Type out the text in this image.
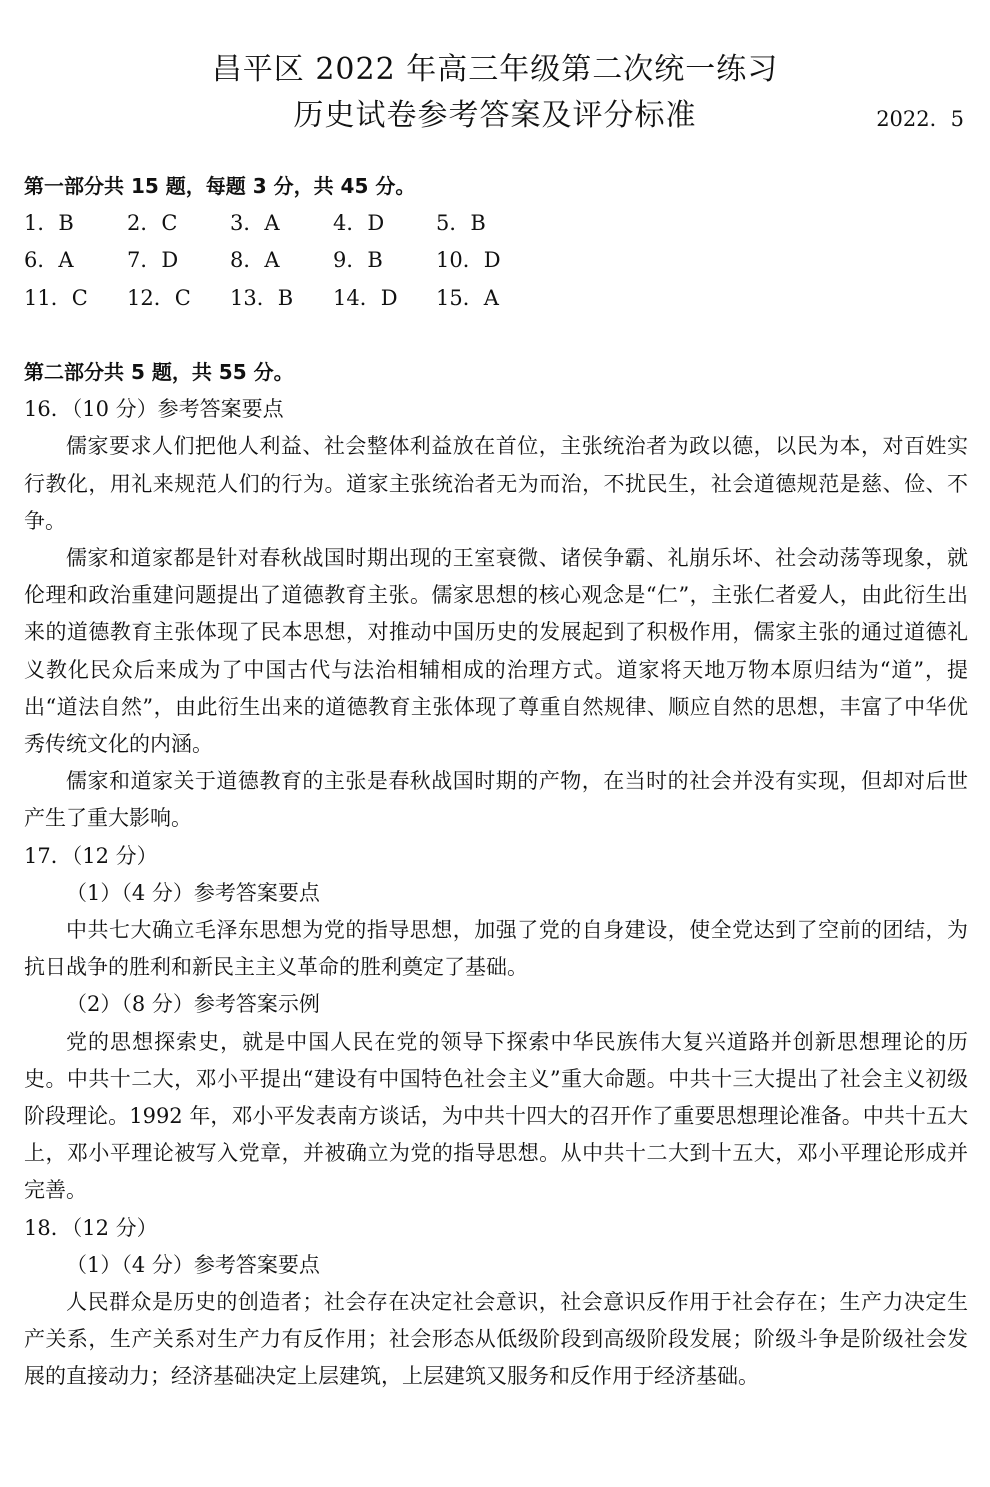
昌平区 2022 年高三年级第二次统一练习
历史试卷参考答案及评分标准	2022．5
第一部分共 15 题，每题 3 分，共 45 分。
1．B	2．C	3．A	4．D	5．B
6．A	7．D	8．A	9．B	10．D
11．C	12．C	13．B	14．D	15．A
第二部分共 5 题，共 55 分。

16．（10 分）参考答案要点

儒家要求人们把他人利益、社会整体利益放在首位，主张统治者为政以德，以民为本，对百姓实行教化，用礼来规范人们的行为。道家主张统治者无为而治，不扰民生，社会道德规范是慈、俭、不争。

儒家和道家都是针对春秋战国时期出现的王室衰微、诸侯争霸、礼崩乐坏、社会动荡等现象，就伦理和政治重建问题提出了道德教育主张。儒家思想的核心观念是“仁”，主张仁者爱人，由此衍生出来的道德教育主张体现了民本思想，对推动中国历史的发展起到了积极作用，儒家主张的通过道德礼义教化民众后来成为了中国古代与法治相辅相成的治理方式。道家将天地万物本原归结为“道”，提出“道法自然”，由此衍生出来的道德教育主张体现了尊重自然规律、顺应自然的思想，丰富了中华优秀传统文化的内涵。

儒家和道家关于道德教育的主张是春秋战国时期的产物，在当时的社会并没有实现，但却对后世产生了重大影响。

17．（12 分）

（1）（4 分）参考答案要点

中共七大确立毛泽东思想为党的指导思想，加强了党的自身建设，使全党达到了空前的团结，为抗日战争的胜利和新民主主义革命的胜利奠定了基础。

（2）（8 分）参考答案示例

党的思想探索史，就是中国人民在党的领导下探索中华民族伟大复兴道路并创新思想理论的历史。中共十二大，邓小平提出“建设有中国特色社会主义”重大命题。中共十三大提出了社会主义初级阶段理论。1992 年，邓小平发表南方谈话，为中共十四大的召开作了重要思想理论准备。中共十五大上，邓小平理论被写入党章，并被确立为党的指导思想。从中共十二大到十五大，邓小平理论形成并完善。

18．（12 分）

（1）（4 分）参考答案要点

人民群众是历史的创造者；社会存在决定社会意识，社会意识反作用于社会存在；生产力决定生产关系，生产关系对生产力有反作用；社会形态从低级阶段到高级阶段发展；阶级斗争是阶级社会发展的直接动力；经济基础决定上层建筑，上层建筑又服务和反作用于经济基础。
